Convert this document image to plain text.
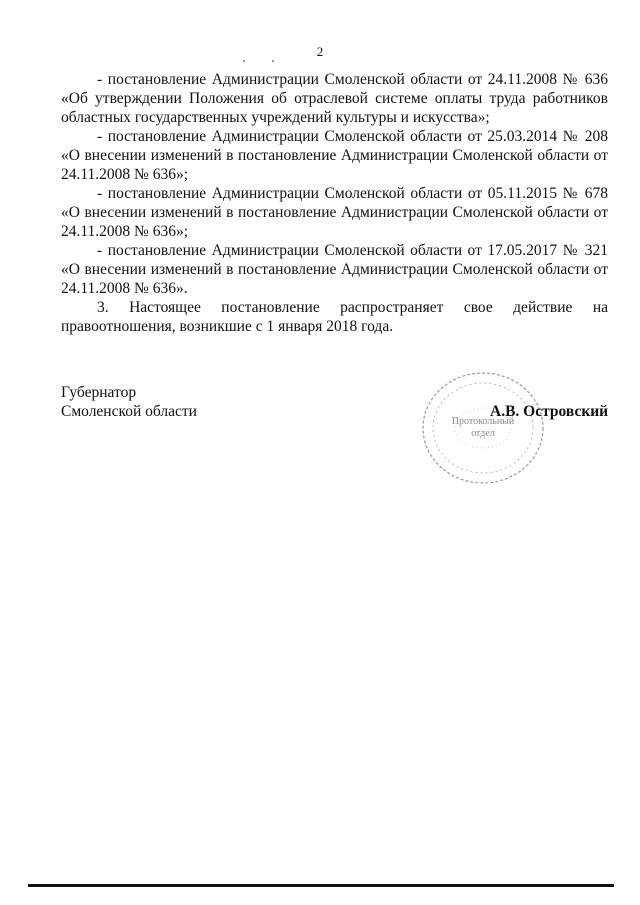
2

- постановление Администрации Смоленской области от 24.11.2008 № 636 «Об утверждении Положения об отраслевой системе оплаты труда работников областных государственных учреждений культуры и искусства»;

- постановление Администрации Смоленской области от 25.03.2014 № 208 «О внесении изменений в постановление Администрации Смоленской области от 24.11.2008 № 636»;

- постановление Администрации Смоленской области от 05.11.2015 № 678 «О внесении изменений в постановление Администрации Смоленской области от 24.11.2008 № 636»;

- постановление Администрации Смоленской области от 17.05.2017 № 321 «О внесении изменений в постановление Администрации Смоленской области от 24.11.2008 № 636».

3. Настоящее постановление распространяет свое действие на правоотношения, возникшие с 1 января 2018 года.

Протокольный
отдел
Губернатор
Смоленской области	А.В. Островский
